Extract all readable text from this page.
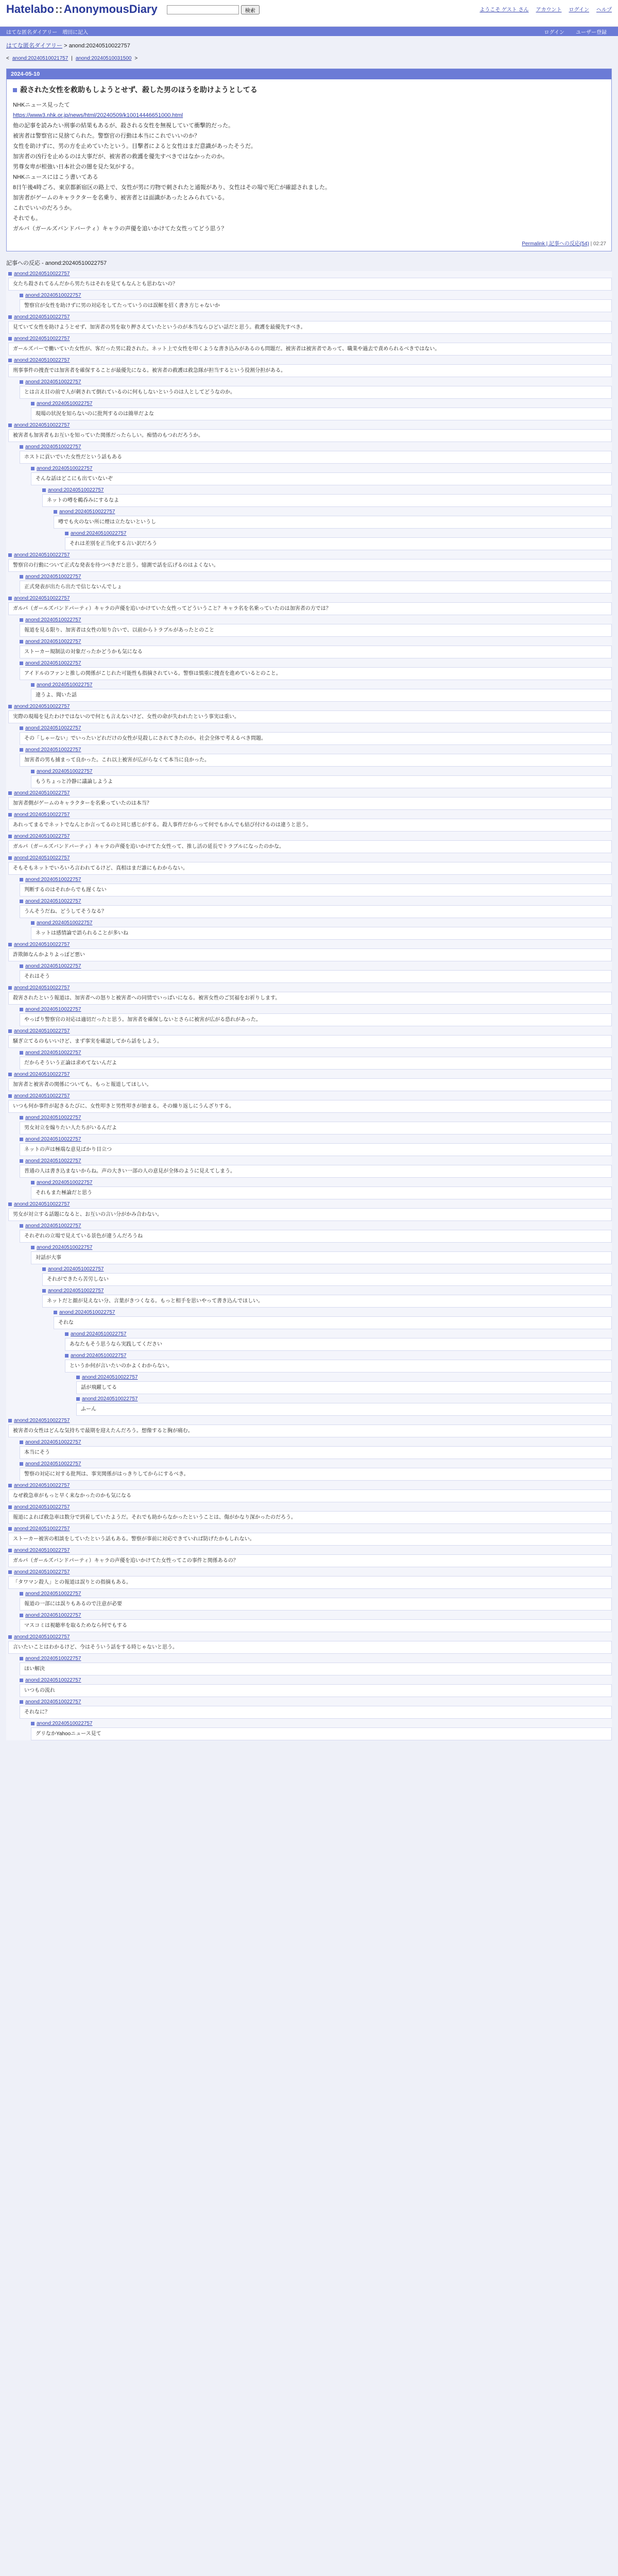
Hatelabo::AnonymousDiary	検索	ようこそ ゲスト さん アカウント ログイン ヘルプ
はてな匿名ダイアリー 増田に記入	ログイン ユーザー登録
はてな匿名ダイアリー > anond:20240510022757
< anond:20240510021757 | anond:20240510031500 >
2024-05-10
殺された女性を救助もしようとせず、殺した男のほうを助けようとしてる

NHKニュース見ったて

https://www3.nhk.or.jp/news/html/20240509/k10014446651000.html

他の記事を読みたい刑事の結果もあるが、殺される女性を無視していて衝撃的だった。

被害者は警察官に見捨てられた。警察官の行動は本当にこれでいいのか？

女性を助けずに、男の方を止めていたという。目撃者によると女性はまだ意識があったそうだ。

加害者の凶行を止めるのは大事だが、被害者の救護を優先すべきではなかったのか。

男尊女卑が根強い日本社会の闇を見た気がする。

NHKニュースにはこう書いてある

8日午後4時ごろ、東京都新宿区の路上で、女性が男に刃物で刺されたと通報があり、女性はその場で死亡が確認されました。

加害者がゲームのキャラクターを名乗り、被害者とは面識があったとみられている。

これでいいのだろうか。

それでも。

ガルパ（ガールズバンドパーティ）キャラの声優を追いかけてた女性ってどう思う？

Permalink | 記事への反応(54) | 02:27
記事への反応 - anond:20240510022757
anond:20240510022757
女たち殺されてるんだから男たちはそれを見てもなんとも思わないの？
anond:20240510022757
警察官が女性を助けずに男の対応をしてたっていうのは誤解を招く書き方じゃないか
anond:20240510022757
見ていて女性を助けようとせず、加害者の男を取り押さえていたというのが本当ならひどい話だと思う。救護を最優先すべき。
anond:20240510022757
ガールズバーで働いていた女性が、客だった男に殺された。ネット上で女性を叩くような書き込みがあるのも問題だ。被害者は被害者であって、職業や過去で責められるべきではない。
anond:20240510022757
刑事事件の捜査では加害者を確保することが最優先になる。被害者の救護は救急隊が担当するという役割分担がある。
anond:20240510022757
とは言え目の前で人が刺されて倒れているのに何もしないというのは人としてどうなのか。
anond:20240510022757
現場の状況を知らないのに批判するのは簡単だよな
anond:20240510022757
被害者も加害者もお互いを知っていた関係だったらしい。痴情のもつれだろうか。
anond:20240510022757
ホストに貢いでいた女性だという話もある
anond:20240510022757
そんな話はどこにも出ていないぞ
anond:20240510022757
ネットの噂を鵜呑みにするなよ
anond:20240510022757
噂でも火のない所に煙は立たないというし
anond:20240510022757
それは差別を正当化する言い訳だろう
anond:20240510022757
警察官の行動について正式な発表を待つべきだと思う。憶測で話を広げるのはよくない。
anond:20240510022757
正式発表が出たら出たで信じないんでしょ
anond:20240510022757
ガルパ（ガールズバンドパーティ）キャラの声優を追いかけていた女性ってどういうこと？キャラ名を名乗っていたのは加害者の方では？
anond:20240510022757
報道を見る限り、加害者は女性の知り合いで、以前からトラブルがあったとのこと
anond:20240510022757
ストーカー規制法の対象だったかどうかも気になる
anond:20240510022757
アイドルのファンと推しの関係がこじれた可能性も指摘されている。警察は慎重に捜査を進めているとのこと。
anond:20240510022757
違うよ、聞いた話
anond:20240510022757
実際の現場を見たわけではないので何とも言えないけど、女性の命が失われたという事実は重い。
anond:20240510022757
その「しゃーない」でいったいどれだけの女性が見殺しにされてきたのか。社会全体で考えるべき問題。
anond:20240510022757
加害者の男も捕まって良かった。これ以上被害が広がらなくて本当に良かった。
anond:20240510022757
もうちょっと冷静に議論しようよ
anond:20240510022757
加害者側がゲームのキャラクターを名乗っていたのは本当？
anond:20240510022757
あれってまるでネットでなんとか言ってるのと同じ感じがする。殺人事件だからって何でもかんでも結び付けるのは違うと思う。
anond:20240510022757
ガルパ（ガールズバンドパーティ）キャラの声優を追いかけてた女性って、推し活の延長でトラブルになったのかな。
anond:20240510022757
そもそもネットでいろいろ言われてるけど、真相はまだ誰にもわからない。
anond:20240510022757
判断するのはそれからでも遅くない
anond:20240510022757
うんそうだね、どうしてそうなる？
anond:20240510022757
ネットは感情論で語られることが多いね
anond:20240510022757
詐欺師なんかよりよっぽど悪い
anond:20240510022757
それはそう
anond:20240510022757
殺害されたという報道は、加害者への怒りと被害者への同情でいっぱいになる。被害女性のご冥福をお祈りします。
anond:20240510022757
やっぱり警察官の対応は適切だったと思う。加害者を確保しないとさらに被害が広がる恐れがあった。
anond:20240510022757
騒ぎ立てるのもいいけど、まず事実を確認してから話をしよう。
anond:20240510022757
だからそういう正論は求めてないんだよ
anond:20240510022757
加害者と被害者の関係についても、もっと報道してほしい。
anond:20240510022757
いつも何か事件が起きるたびに、女性叩きと男性叩きが始まる。その繰り返しにうんざりする。
anond:20240510022757
男女対立を煽りたい人たちがいるんだよ
anond:20240510022757
ネットの声は極端な意見ばかり目立つ
anond:20240510022757
普通の人は書き込まないからね。声の大きい一部の人の意見が全体のように見えてしまう。
anond:20240510022757
それもまた極論だと思う
anond:20240510022757
男女が対立する話題になると、お互いの言い分がかみ合わない。
anond:20240510022757
それぞれの立場で見えている景色が違うんだろうね
anond:20240510022757
対話が大事
anond:20240510022757
それができたら苦労しない
anond:20240510022757
ネットだと顔が見えない分、言葉がきつくなる。もっと相手を思いやって書き込んでほしい。
anond:20240510022757
それな
anond:20240510022757
あなたもそう思うなら実践してください
anond:20240510022757
というか何が言いたいのかよくわからない。
anond:20240510022757
話が飛躍してる
anond:20240510022757
ふーん
anond:20240510022757
被害者の女性はどんな気持ちで最期を迎えたんだろう。想像すると胸が痛む。
anond:20240510022757
本当にそう
anond:20240510022757
警察の対応に対する批判は、事実関係がはっきりしてからにするべき。
anond:20240510022757
なぜ救急車がもっと早く来なかったのかも気になる
anond:20240510022757
報道によれば救急車は数分で到着していたようだ。それでも助からなかったということは、傷がかなり深かったのだろう。
anond:20240510022757
ストーカー被害の相談をしていたという話もある。警察が事前に対応できていれば防げたかもしれない。
anond:20240510022757
ガルパ（ガールズバンドパーティ）キャラの声優を追いかけてた女性ってこの事件と関係あるの？
anond:20240510022757
「タワマン殺人」との報道は誤りとの指摘もある。
anond:20240510022757
報道の一部には誤りもあるので注意が必要
anond:20240510022757
マスコミは視聴率を取るためなら何でもする
anond:20240510022757
言いたいことはわかるけど、今はそういう話をする時じゃないと思う。
anond:20240510022757
ほい解決
anond:20240510022757
いつもの流れ
anond:20240510022757
それなに？
anond:20240510022757
グリなかYahooニュース見て
